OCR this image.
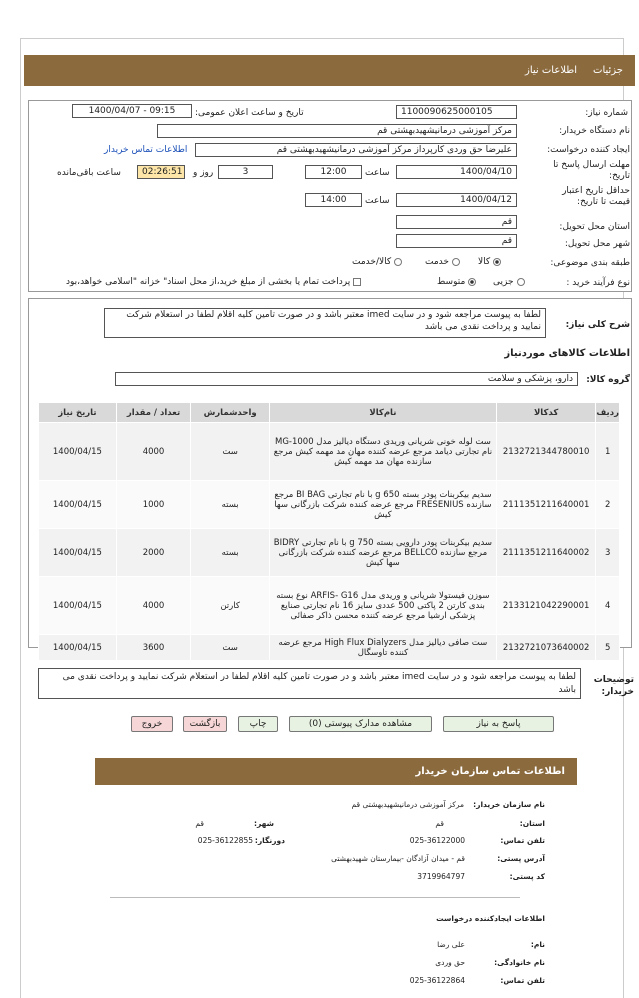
جزئیات
اطلاعات نیاز
شماره نیاز:
1100090625000105
تاریخ و ساعت اعلان عمومی:
1400/04/07 - 09:15
نام دستگاه خریدار:
مرکز آموزشی درمانیشهیدبهشتی قم
ایجاد کننده درخواست:
علیرضا حق وردی کارپرداز مرکز آموزشی درمانیشهیدبهشتی قم
اطلاعات تماس خریدار
مهلت ارسال پاسخ تا تاریخ:
1400/04/10
ساعت
12:00
3
روز و
02:26:51
ساعت باقی‌مانده
حداقل تاریخ اعتبار قیمت تا تاریخ:
1400/04/12
ساعت
14:00
استان محل تحویل:
قم
شهر محل تحویل:
قم
طبقه بندی موضوعی:
کالا
خدمت
کالا/خدمت
نوع فرآیند خرید :
جزیی
متوسط
پرداخت تمام یا بخشی از مبلغ خرید،از محل اسناد" خزانه "اسلامی خواهد،بود
شرح کلی نیاز:
لطفا به پیوست مراجعه شود و در سایت imed معتبر باشد و در صورت تامین کلیه اقلام لطفا در استعلام شرکت نمایید و پرداخت نقدی می باشد
اطلاعات کالاهای موردنیاز
گروه کالا:
دارو، پزشکی و سلامت
ردیف	کدکالا	نام‌کالا	واحدشمارش	تعداد / مقدار	تاریخ نیاز
1	2132721344780010	ست لوله خونی شریانی وریدی دستگاه دیالیز مدل MG-1000 نام تجارتی دیامد مرجع عرضه کننده مهان مد مهمه کیش مرجع سازنده مهان مد مهمه کیش	ست	4000	1400/04/15
2	2111351211640001	سدیم بیکربنات پودر بسته 650 g با نام تجارتی BI BAG مرجع سازنده FRESENIUS مرجع عرضه کننده شرکت بازرگانی سها کیش	بسته	1000	1400/04/15
3	2111351211640002	سدیم بیکربنات پودر دارویی بسته 750 g با نام تجارتی BIDRY مرجع سازنده BELLCO مرجع عرضه کننده شرکت بازرگانی سها کیش	بسته	2000	1400/04/15
4	2133121042290001	سوزن فیستولا شریانی و وریدی مدل ARFIS- G16 نوع بسته بندی کارتن 2 پاکتی 500 عددی سایز 16 نام تجارتی صنایع پزشکی ارشیا مرجع عرضه کننده محسن ذاکر صفائی	کارتن	4000	1400/04/15
5	2132721073640002	ست صافی دیالیز مدل High Flux Dialyzers مرجع عرضه کننده تاوسگال	ست	3600	1400/04/15
توضیحات خریدار:
لطفا به پیوست مراجعه شود و در سایت imed معتبر باشد و در صورت تامین کلیه اقلام لطفا در استعلام شرکت نمایید و پرداخت نقدی می باشد
پاسخ به نیاز
مشاهده مدارک پیوستی (0)
چاپ
بازگشت
خروج
اطلاعات تماس سازمان خریدار
نام سازمان خریدار:
مرکز آموزشی درمانیشهیدبهشتی قم
استان:
قم
شهر:
قم
تلفن تماس:
025-36122000
دورنگار:
025-36122855
آدرس پستی:
قم - میدان آزادگان -بیمارستان شهیدبهشتی
کد پستی:
3719964797
اطلاعات ایجادکننده درخواست
نام:
علی رضا
نام خانوادگی:
حق وردی
تلفن تماس:
025-36122864
